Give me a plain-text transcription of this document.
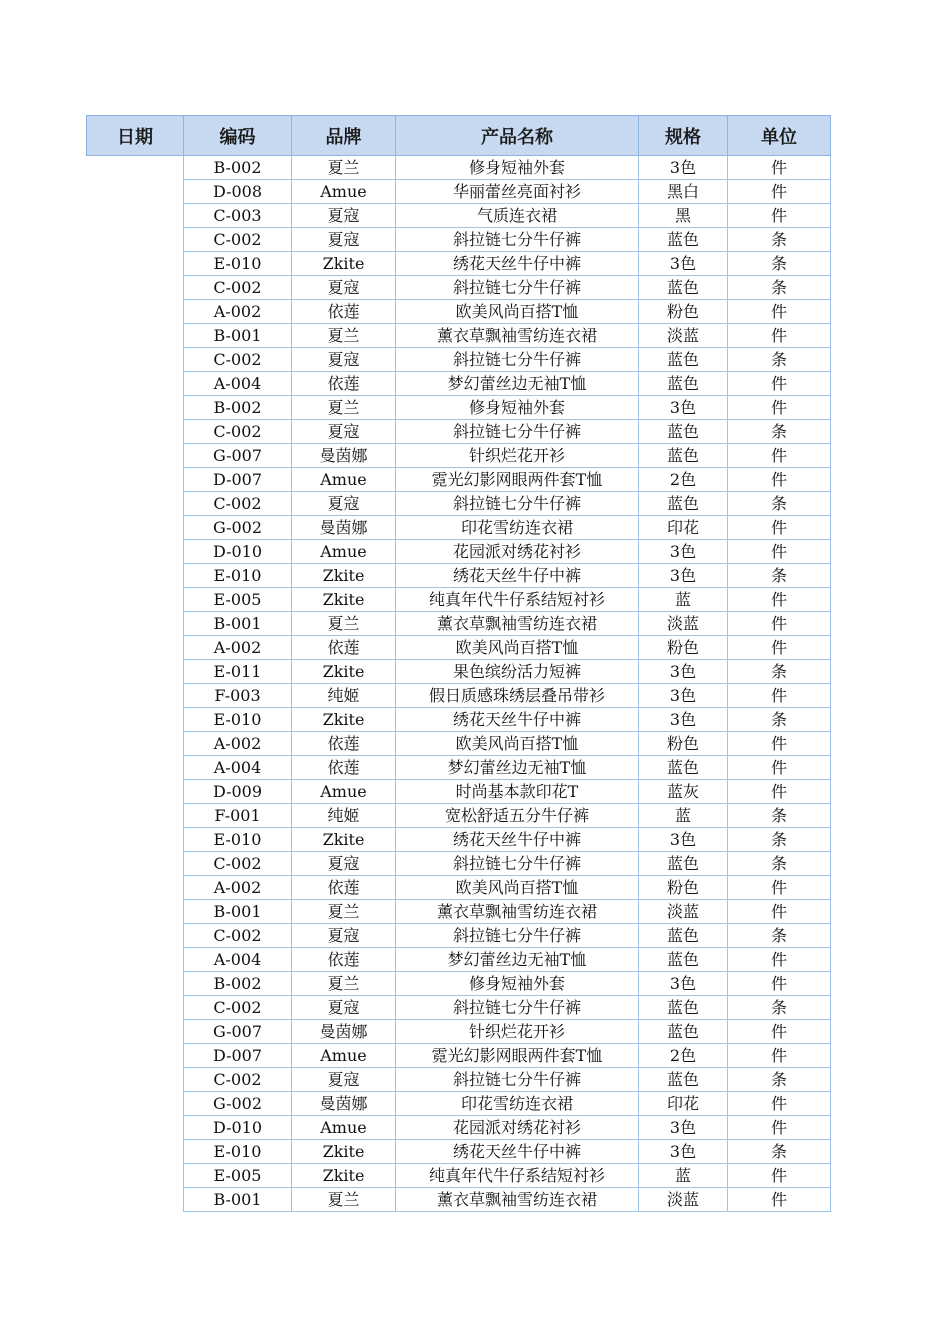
日期	编码	品牌	产品名称	规格	单位
	B-002	夏兰	修身短袖外套	3色	件
	D-008	Amue	华丽蕾丝亮面衬衫	黑白	件
	C-003	夏寇	气质连衣裙	黑	件
	C-002	夏寇	斜拉链七分牛仔裤	蓝色	条
	E-010	Zkite	绣花天丝牛仔中裤	3色	条
	C-002	夏寇	斜拉链七分牛仔裤	蓝色	条
	A-002	依莲	欧美风尚百搭T恤	粉色	件
	B-001	夏兰	薰衣草飘袖雪纺连衣裙	淡蓝	件
	C-002	夏寇	斜拉链七分牛仔裤	蓝色	条
	A-004	依莲	梦幻蕾丝边无袖T恤	蓝色	件
	B-002	夏兰	修身短袖外套	3色	件
	C-002	夏寇	斜拉链七分牛仔裤	蓝色	条
	G-007	曼茵娜	针织烂花开衫	蓝色	件
	D-007	Amue	霓光幻影网眼两件套T恤	2色	件
	C-002	夏寇	斜拉链七分牛仔裤	蓝色	条
	G-002	曼茵娜	印花雪纺连衣裙	印花	件
	D-010	Amue	花园派对绣花衬衫	3色	件
	E-010	Zkite	绣花天丝牛仔中裤	3色	条
	E-005	Zkite	纯真年代牛仔系结短衬衫	蓝	件
	B-001	夏兰	薰衣草飘袖雪纺连衣裙	淡蓝	件
	A-002	依莲	欧美风尚百搭T恤	粉色	件
	E-011	Zkite	果色缤纷活力短裤	3色	条
	F-003	纯姬	假日质感珠绣层叠吊带衫	3色	件
	E-010	Zkite	绣花天丝牛仔中裤	3色	条
	A-002	依莲	欧美风尚百搭T恤	粉色	件
	A-004	依莲	梦幻蕾丝边无袖T恤	蓝色	件
	D-009	Amue	时尚基本款印花T	蓝灰	件
	F-001	纯姬	宽松舒适五分牛仔裤	蓝	条
	E-010	Zkite	绣花天丝牛仔中裤	3色	条
	C-002	夏寇	斜拉链七分牛仔裤	蓝色	条
	A-002	依莲	欧美风尚百搭T恤	粉色	件
	B-001	夏兰	薰衣草飘袖雪纺连衣裙	淡蓝	件
	C-002	夏寇	斜拉链七分牛仔裤	蓝色	条
	A-004	依莲	梦幻蕾丝边无袖T恤	蓝色	件
	B-002	夏兰	修身短袖外套	3色	件
	C-002	夏寇	斜拉链七分牛仔裤	蓝色	条
	G-007	曼茵娜	针织烂花开衫	蓝色	件
	D-007	Amue	霓光幻影网眼两件套T恤	2色	件
	C-002	夏寇	斜拉链七分牛仔裤	蓝色	条
	G-002	曼茵娜	印花雪纺连衣裙	印花	件
	D-010	Amue	花园派对绣花衬衫	3色	件
	E-010	Zkite	绣花天丝牛仔中裤	3色	条
	E-005	Zkite	纯真年代牛仔系结短衬衫	蓝	件
	B-001	夏兰	薰衣草飘袖雪纺连衣裙	淡蓝	件
